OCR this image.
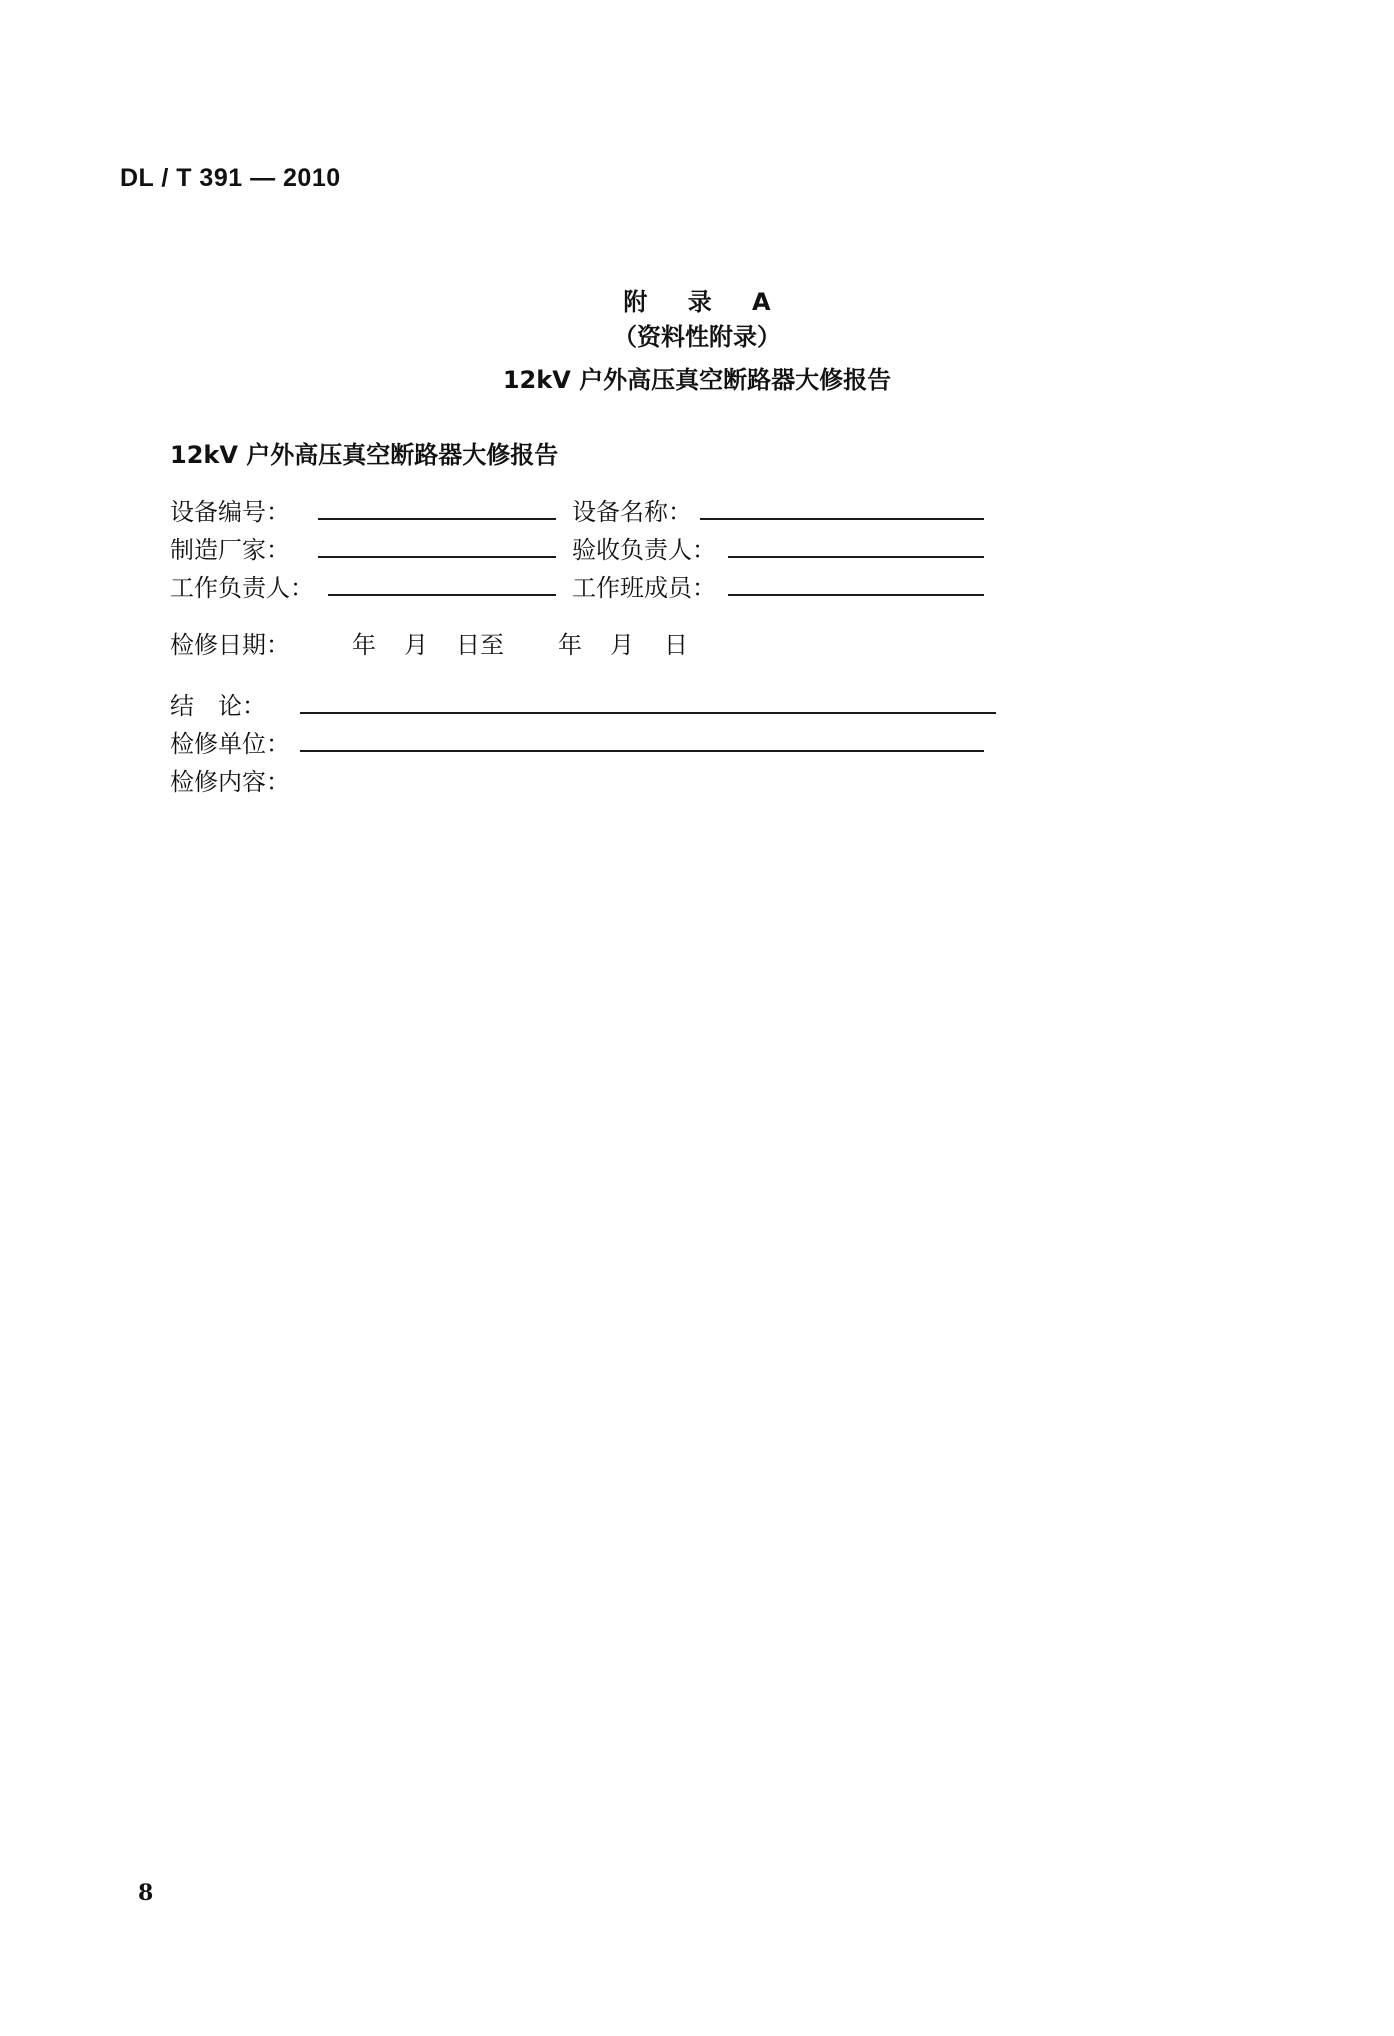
DL / T 391 — 2010
附 录 A
（资料性附录）
12kV 户外高压真空断路器大修报告
12kV 户外高压真空断路器大修报告
设备编号：	设备名称：
制造厂家：	验收负责人：
工作负责人：	工作班成员：
检修日期：	年 月 日至 年 月 日
结　论：
检修单位：
检修内容：
8
